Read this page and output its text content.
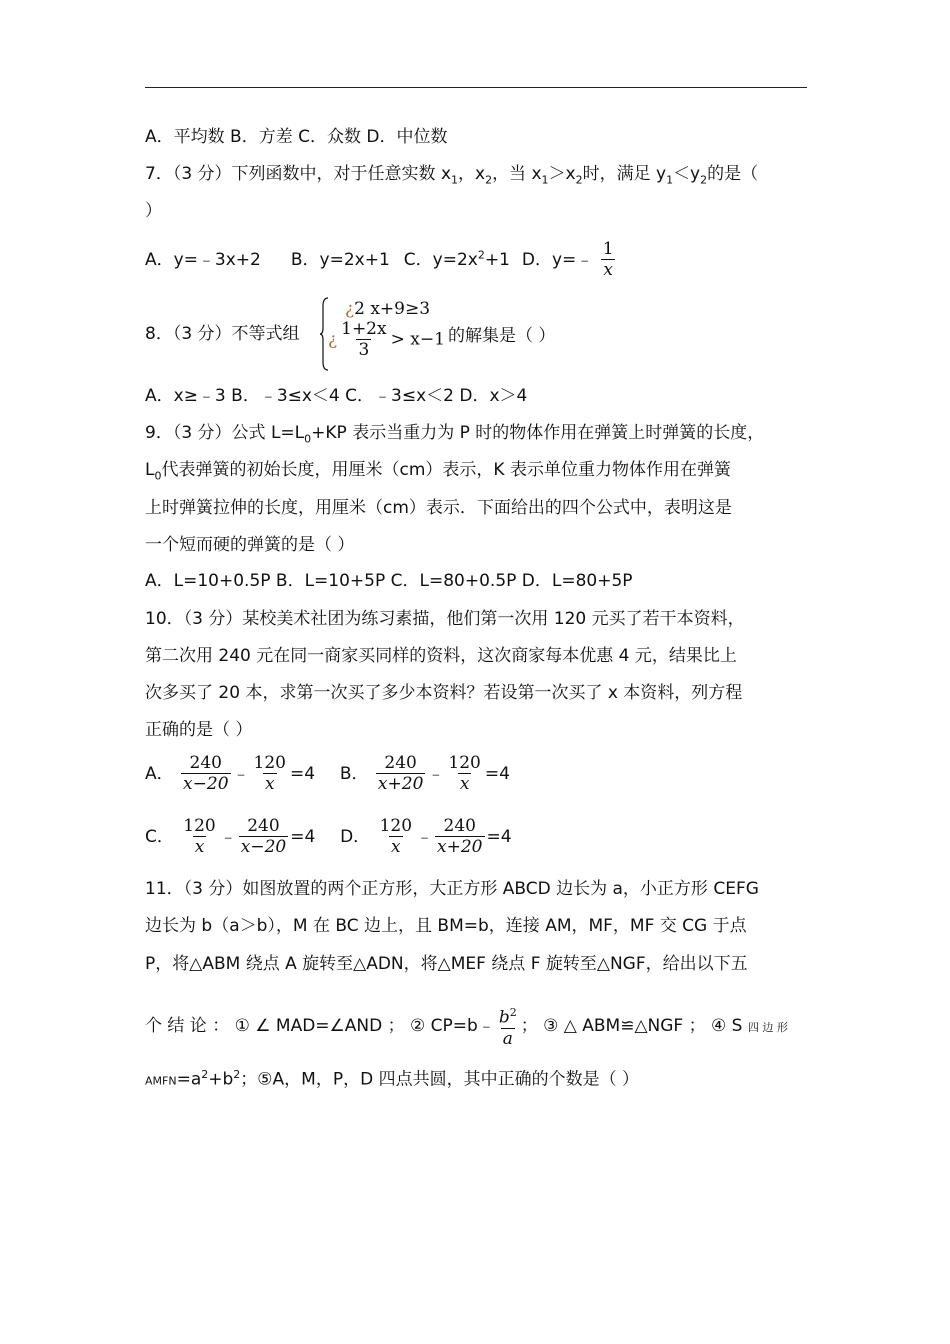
A．平均数 B．方差 C．众数 D．中位数
7．（3 分）下列函数中，对于任意实数 $x_1$，$x_2$，当 $x_1>x_2$时，满足 $y_1<y_2$的是（
）
A．y=﹣3x+2 B．y=2x+1 C．$y=2x^2+1$ D．y=﹣ $\frac{1}{x}$
8．（3 分）不等式组
¿2 x+9≥3
¿ $\frac{1+2x}{3} > x-1$ 的解集是（ ）
A．x≥﹣3 B．﹣3≤x＜4 C．﹣3≤x＜2 D．x＞4
9．（3 分）公式 $L=L_0+KP$ 表示当重力为 P 时的物体作用在弹簧上时弹簧的长度，
$L_0$代表弹簧的初始长度，用厘米（cm）表示，K 表示单位重力物体作用在弹簧
上时弹簧拉伸的长度，用厘米（cm）表示．下面给出的四个公式中，表明这是
一个短而硬的弹簧的是（ ）
A．L=10+0.5P B．L=10+5P C．L=80+0.5P D．L=80+5P
10．（3 分）某校美术社团为练习素描，他们第一次用 120 元买了若干本资料，
第二次用 240 元在同一商家买同样的资料，这次商家每本优惠 4 元，结果比上
次多买了 20 本，求第一次买了多少本资料？若设第一次买了 x 本资料，列方程
正确的是（ ）
A． $\frac{240}{x-20}$ ﹣ $\frac{120}{x} =4$ B． $\frac{240}{x+20}$ ﹣ $\frac{120}{x} =4$
C． $\frac{120}{x}$ ﹣ $\frac{240}{x-20} =4$ D． $\frac{120}{x}$ ﹣ $\frac{240}{x+20} =4$
11．（3 分）如图放置的两个正方形，大正方形 ABCD 边长为 a，小正方形 CEFG
边长为 b（a＞b），M 在 BC 边上，且 BM=b，连接 AM，MF，MF 交 CG 于点
P，将△ABM 绕点 A 旋转至△ADN，将△MEF 绕点 F 旋转至△NGF，给出以下五
个 结 论 ： ① ∠ MAD=∠AND ； ② CP=b﹣ $\frac{b^2}{a}$ ； ③ △ ABM≌△NGF ； ④ S 四 边 形
$AMFN=a^2+b^2$；⑤A，M，P，D 四点共圆，其中正确的个数是（ ）
